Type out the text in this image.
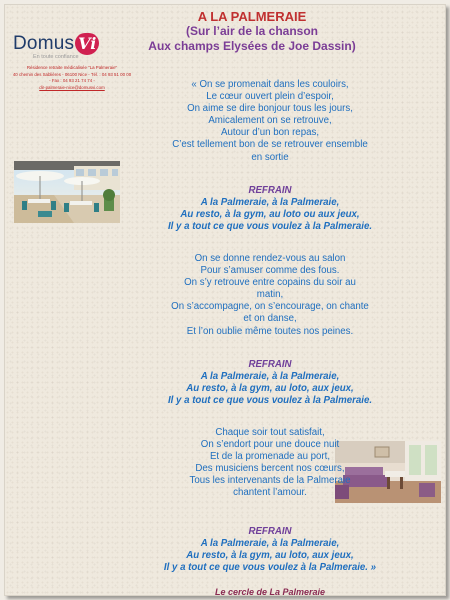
Domus Vi
En toute confiance
Résidence retraite médicalisée "La Palmeraie"
40 chemin des Sablières - 06100 Nice - Tél. : 04 93 51 00 00
- Fax : 04 93 21 74 74 -
dir-palmeraie-nice@domusvi.com
A LA PALMERAIE
(Sur l’air de la chanson
Aux champs Elysées de Joe Dassin)
« On se promenait dans les couloirs,
Le cœur ouvert plein d’espoir,
On aime se dire bonjour tous les jours,
Amicalement on se retrouve,
Autour d’un bon repas,
C’est tellement bon de se retrouver ensemble
en sortie
REFRAIN
A la Palmeraie, à la Palmeraie,
Au resto, à la gym, au loto ou aux jeux,
Il y a tout ce que vous voulez à la Palmeraie.
On se donne rendez-vous au salon
Pour s’amuser comme des fous.
On s’y retrouve entre copains du soir au
matin,
On s’accompagne, on s’encourage, on chante
et on danse,
Et l’on oublie même toutes nos peines.
REFRAIN
A la Palmeraie, à la Palmeraie,
Au resto, à la gym, au loto, aux jeux,
Il y a tout ce que vous voulez à la Palmeraie.
Chaque soir tout satisfait,
On s’endort pour une douce nuit
Et de la promenade au port,
Des musiciens bercent nos cœurs,
Tous les intervenants de la Palmeraie
chantent l’amour.
REFRAIN
A la Palmeraie, à la Palmeraie,
Au resto, à la gym, au loto, aux jeux,
Il y a tout ce que vous voulez à la Palmeraie. »
Le cercle de La Palmeraie
